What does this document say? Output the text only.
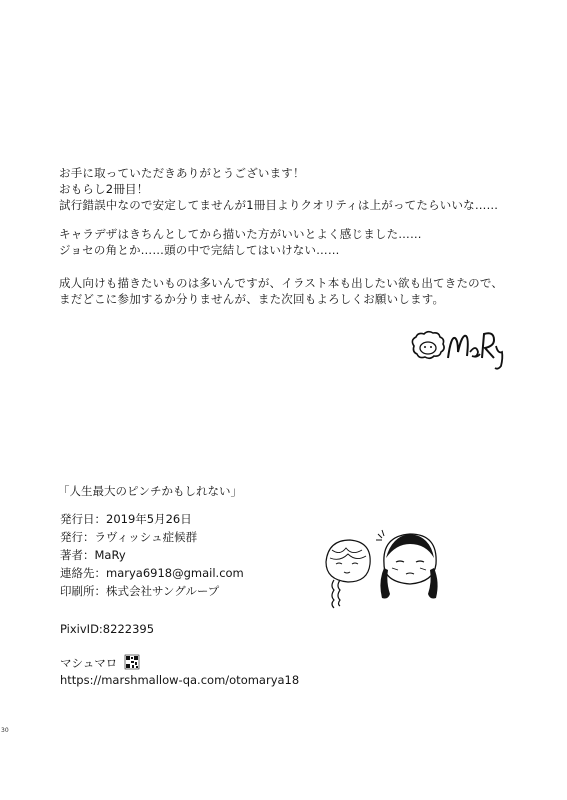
お手に取っていただきありがとうございます！
おもらし2冊目！
試行錯誤中なので安定してませんが1冊目よりクオリティは上がってたらいいな……
キャラデザはきちんとしてから描いた方がいいとよく感じました……
ジョセの角とか……頭の中で完結してはいけない……
成人向けも描きたいものは多いんですが、イラスト本も出したい欲も出てきたので、
まだどこに参加するか分りませんが、また次回もよろしくお願いします。
「人生最大のピンチかもしれない」
発行日：2019年5月26日
発行：ラヴィッシュ症候群
著者：MaRy
連絡先：marya6918@gmail.com
印刷所：株式会社サングループ
PixivID:8222395
マシュマロ
https://marshmallow-qa.com/otomarya18
30
